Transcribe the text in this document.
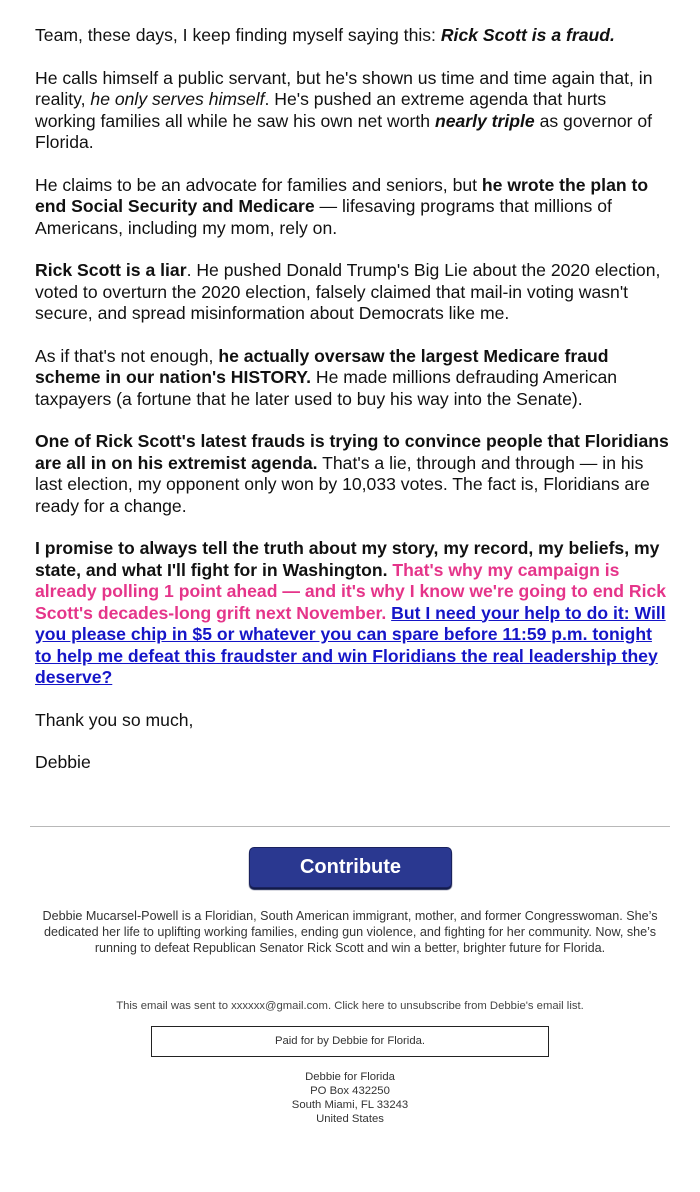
Team, these days, I keep finding myself saying this: Rick Scott is a fraud.

He calls himself a public servant, but he's shown us time and time again that, in reality, he only serves himself. He's pushed an extreme agenda that hurts working families all while he saw his own net worth nearly triple as governor of Florida.

He claims to be an advocate for families and seniors, but he wrote the plan to end Social Security and Medicare — lifesaving programs that millions of Americans, including my mom, rely on.

Rick Scott is a liar. He pushed Donald Trump's Big Lie about the 2020 election, voted to overturn the 2020 election, falsely claimed that mail-in voting wasn't secure, and spread misinformation about Democrats like me.

As if that's not enough, he actually oversaw the largest Medicare fraud scheme in our nation's HISTORY. He made millions defrauding American taxpayers (a fortune that he later used to buy his way into the Senate).

One of Rick Scott's latest frauds is trying to convince people that Floridians are all in on his extremist agenda. That's a lie, through and through — in his last election, my opponent only won by 10,033 votes. The fact is, Floridians are ready for a change.

I promise to always tell the truth about my story, my record, my beliefs, my state, and what I'll fight for in Washington. That's why my campaign is already polling 1 point ahead — and it's why I know we're going to end Rick Scott's decades-long grift next November. But I need your help to do it: Will you please chip in $5 or whatever you can spare before 11:59 p.m. tonight to help me defeat this fraudster and win Floridians the real leadership they deserve?

Thank you so much,

Debbie

Contribute
Debbie Mucarsel-Powell is a Floridian, South American immigrant, mother, and former Congresswoman. She’s dedicated her life to uplifting working families, ending gun violence, and fighting for her community. Now, she’s running to defeat Republican Senator Rick Scott and win a better, brighter future for Florida.
This email was sent to xxxxxx@gmail.com. Click here to unsubscribe from Debbie's email list.
Paid for by Debbie for Florida.
Debbie for Florida
PO Box 432250
South Miami, FL 33243
United States
